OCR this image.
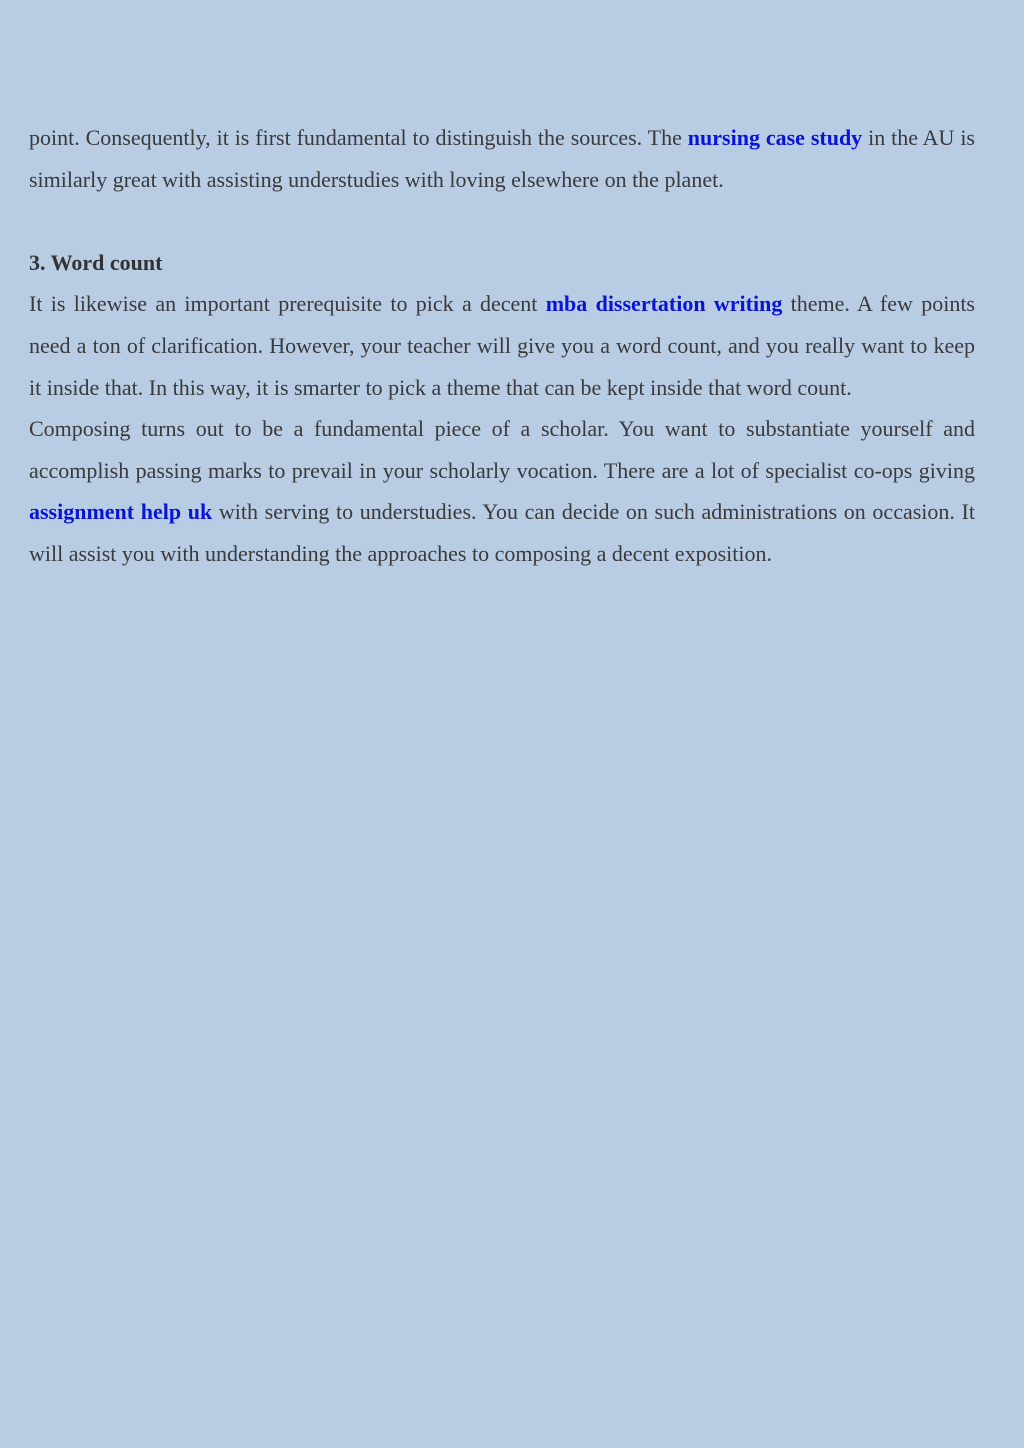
point. Consequently, it is first fundamental to distinguish the sources. The nursing case study in the AU is similarly great with assisting understudies with loving elsewhere on the planet.

3. Word count

It is likewise an important prerequisite to pick a decent mba dissertation writing theme. A few points need a ton of clarification. However, your teacher will give you a word count, and you really want to keep it inside that. In this way, it is smarter to pick a theme that can be kept inside that word count.

Composing turns out to be a fundamental piece of a scholar. You want to substantiate yourself and accomplish passing marks to prevail in your scholarly vocation. There are a lot of specialist co-ops giving assignment help uk with serving to understudies. You can decide on such administrations on occasion. It will assist you with understanding the approaches to composing a decent exposition.
